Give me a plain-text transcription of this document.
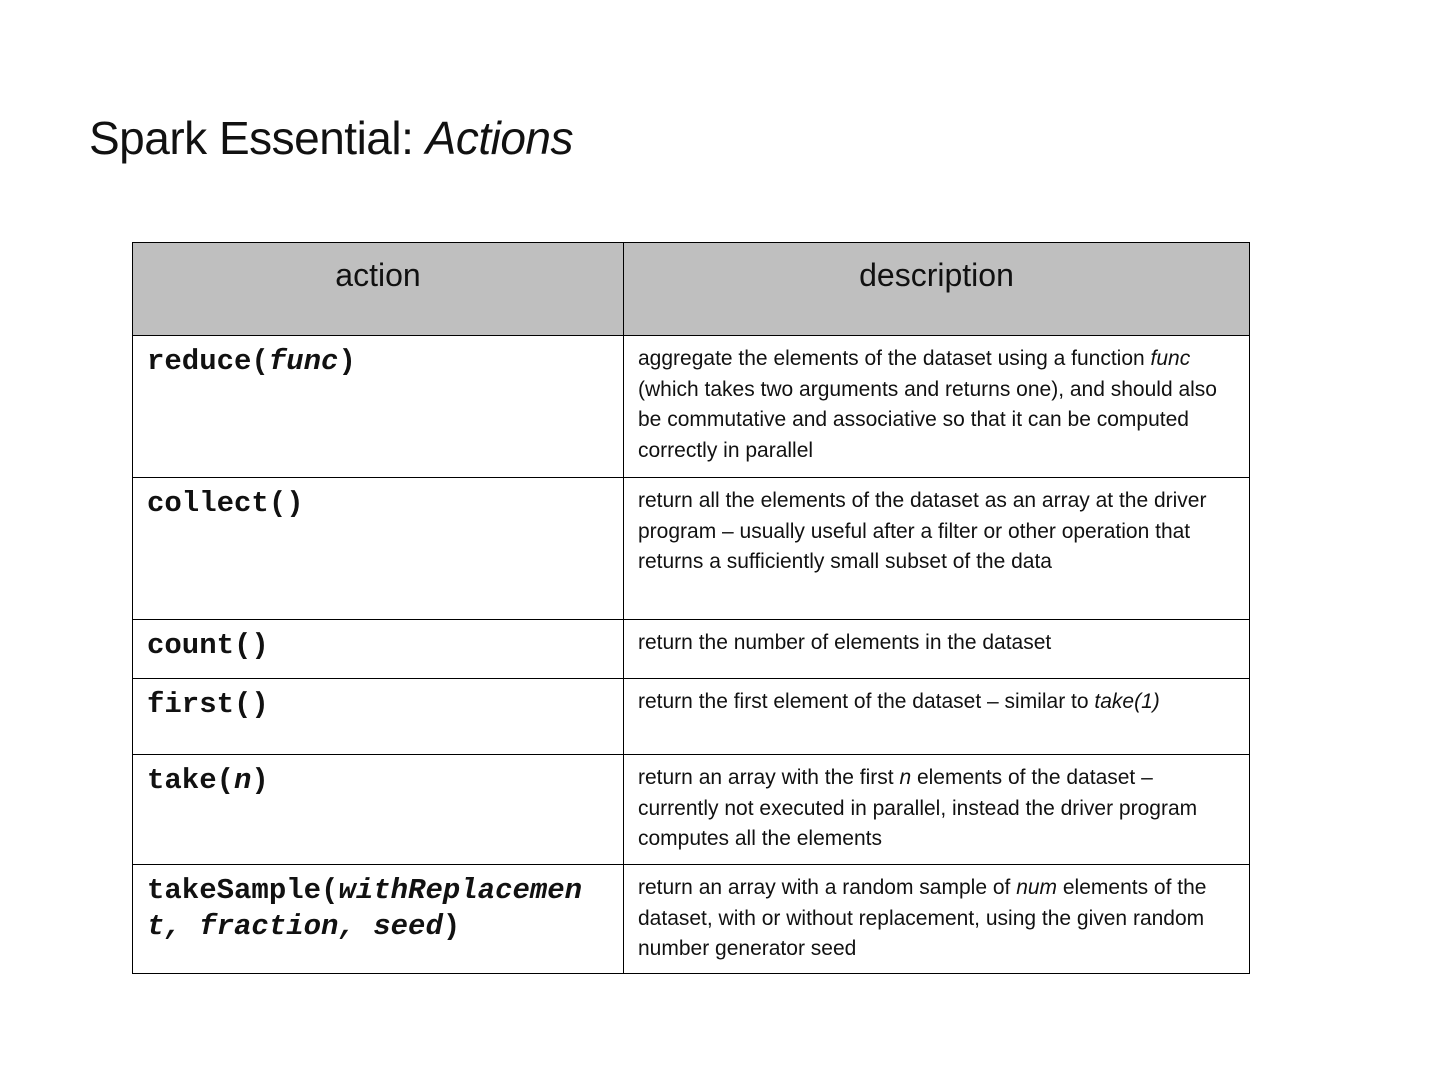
Spark Essential: Actions
action	description
reduce(func)	aggregate the elements of the dataset using a function func (which takes two arguments and returns one), and should also be commutative and associative so that it can be computed correctly in parallel
collect()	return all the elements of the dataset as an array at the driver program – usually useful after a filter or other operation that returns a sufficiently small subset of the data
count()	return the number of elements in the dataset
first()	return the first element of the dataset – similar to take(1)
take(n)	return an array with the first n elements of the dataset – currently not executed in parallel, instead the driver program computes all the elements
takeSample(withReplacement, fraction, seed)	return an array with a random sample of num elements of the dataset, with or without replacement, using the given random number generator seed
